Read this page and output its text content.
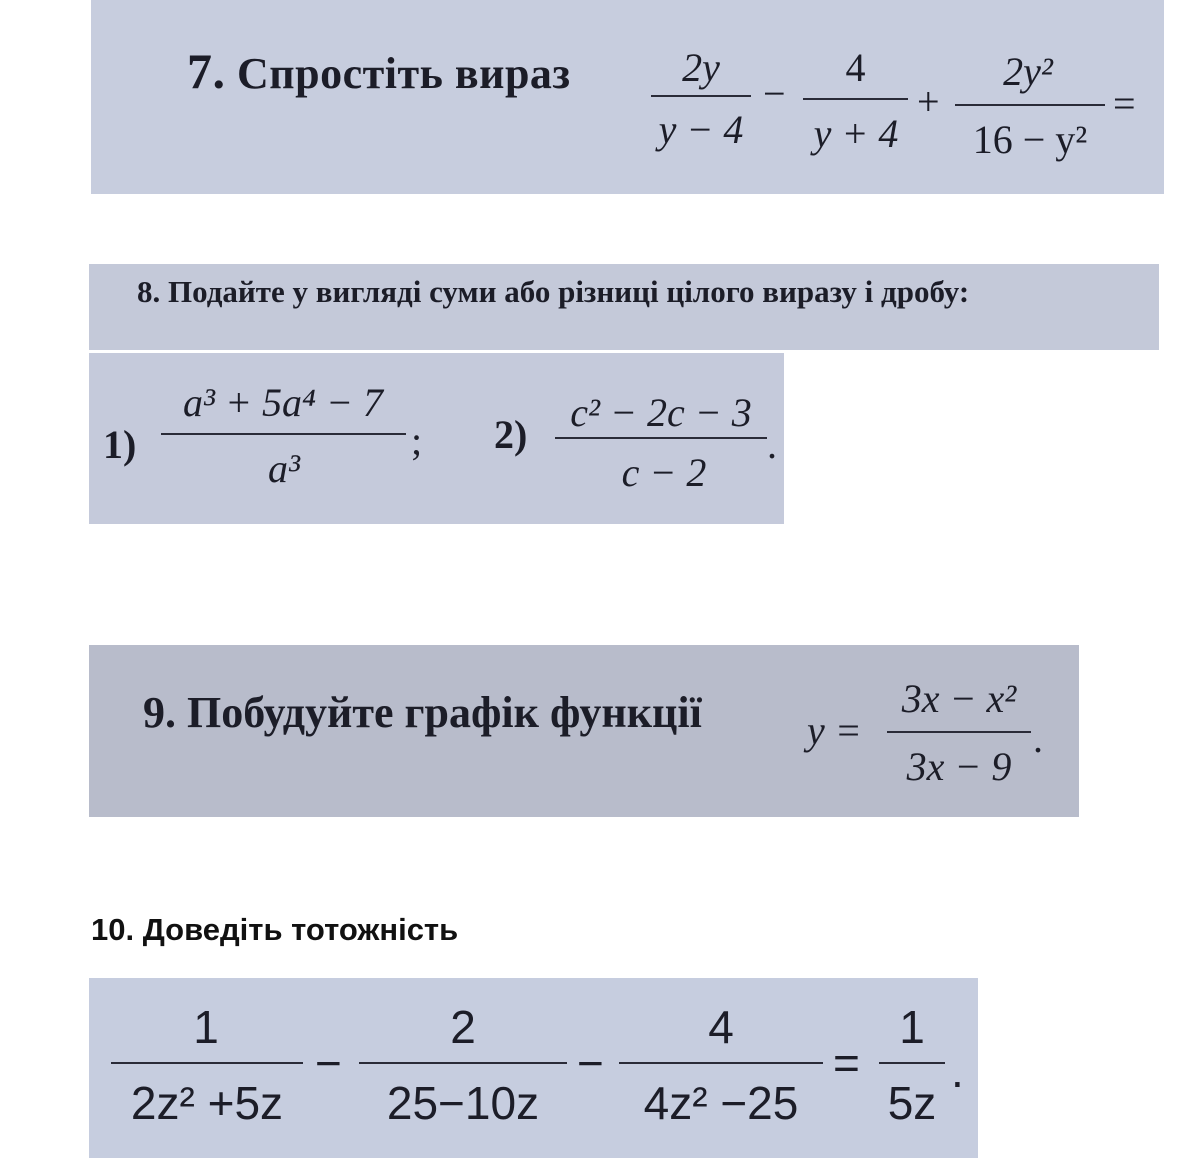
7. Спростіть вираз	2y
y − 4
−
4
y + 4
+
2y²
16 − y²
=
8. Подайте у вигляді суми або різниці цілого виразу і дробу:
1)
a³ + 5a⁴ − 7
a³
; 2)	c² − 2c − 3
c − 2
.
9. Побудуйте графік функції	y =
3x − x²
3x − 9
.
10. Доведіть тотожність
1
2z² +5z
−
2
25−10z
−
4
4z² −25
=
1
5z
.
